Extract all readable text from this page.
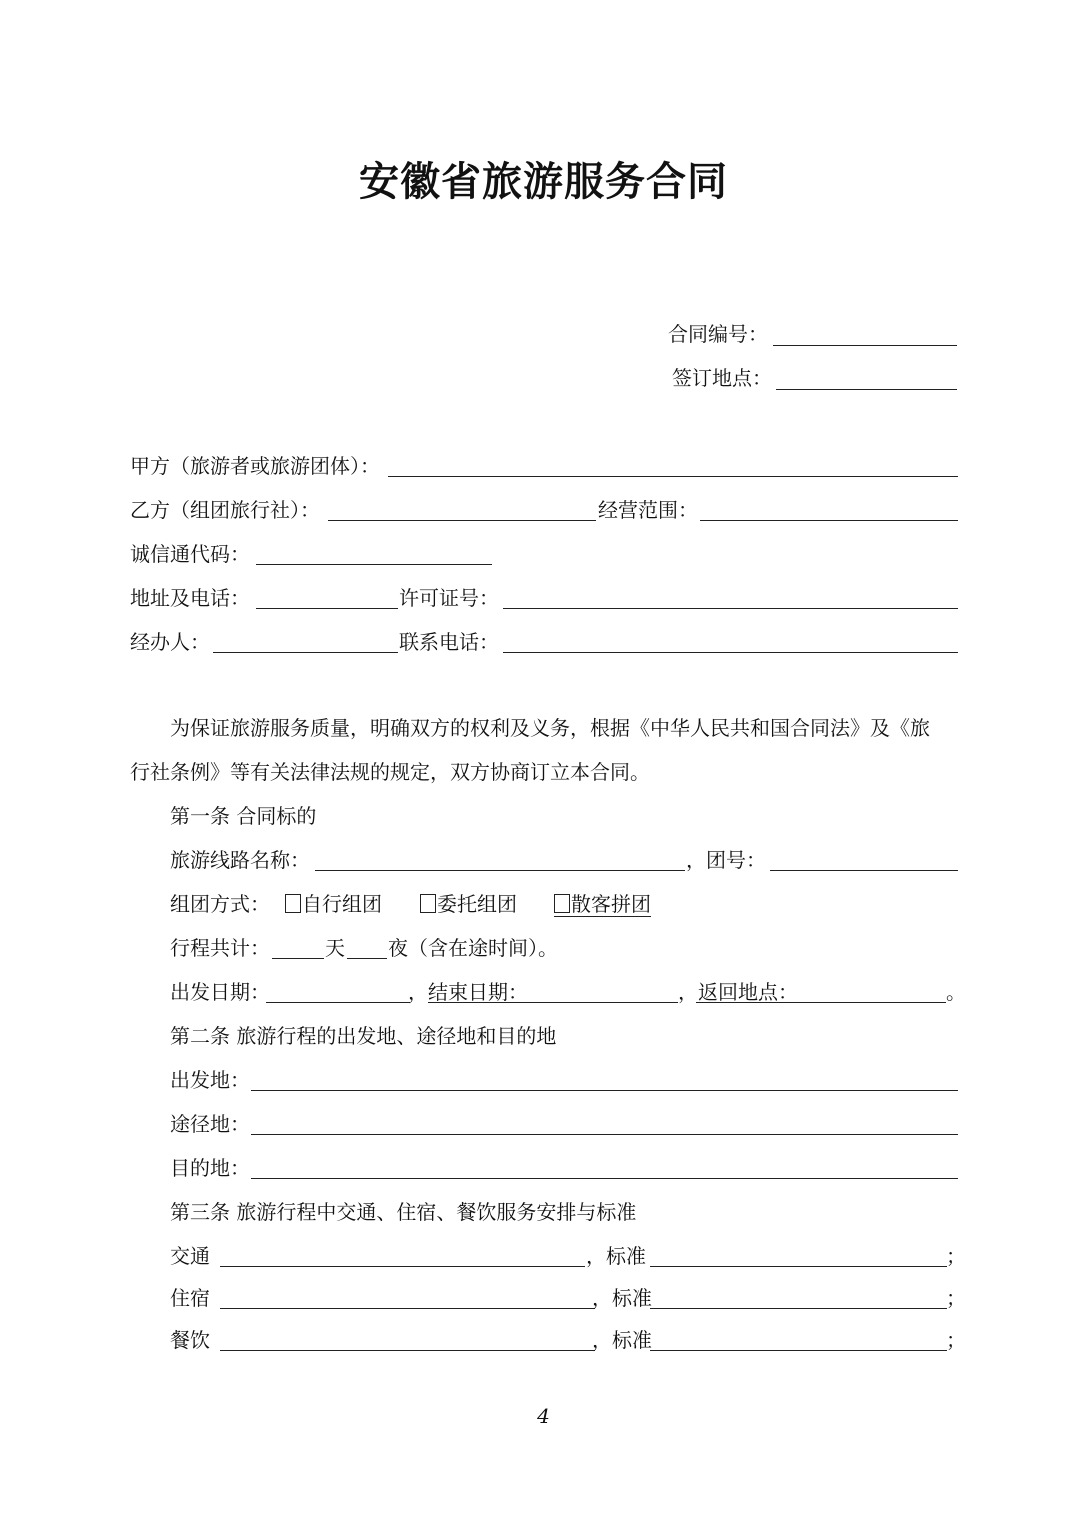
安徽省旅游服务合同
合同编号：
签订地点：
甲方（旅游者或旅游团体）：
乙方（组团旅行社）：	经营范围：
诚信通代码：
地址及电话：	许可证号：
经办人：	联系电话：
为保证旅游服务质量，明确双方的权利及义务，根据《中华人民共和国合同法》及《旅
行社条例》等有关法律法规的规定，双方协商订立本合同。
第一条 合同标的
旅游线路名称：	，团号：
组团方式：	自行组团	委托组团	散客拼团
行程共计：	天 夜（含在途时间）。
出发日期：	，结束日期：	，返回地点：	。
第二条 旅游行程的出发地、途径地和目的地
出发地：
途径地：
目的地：
第三条 旅游行程中交通、住宿、餐饮服务安排与标准
交通	，标准	；
住宿	，标准	；
餐饮	，标准	；
4
